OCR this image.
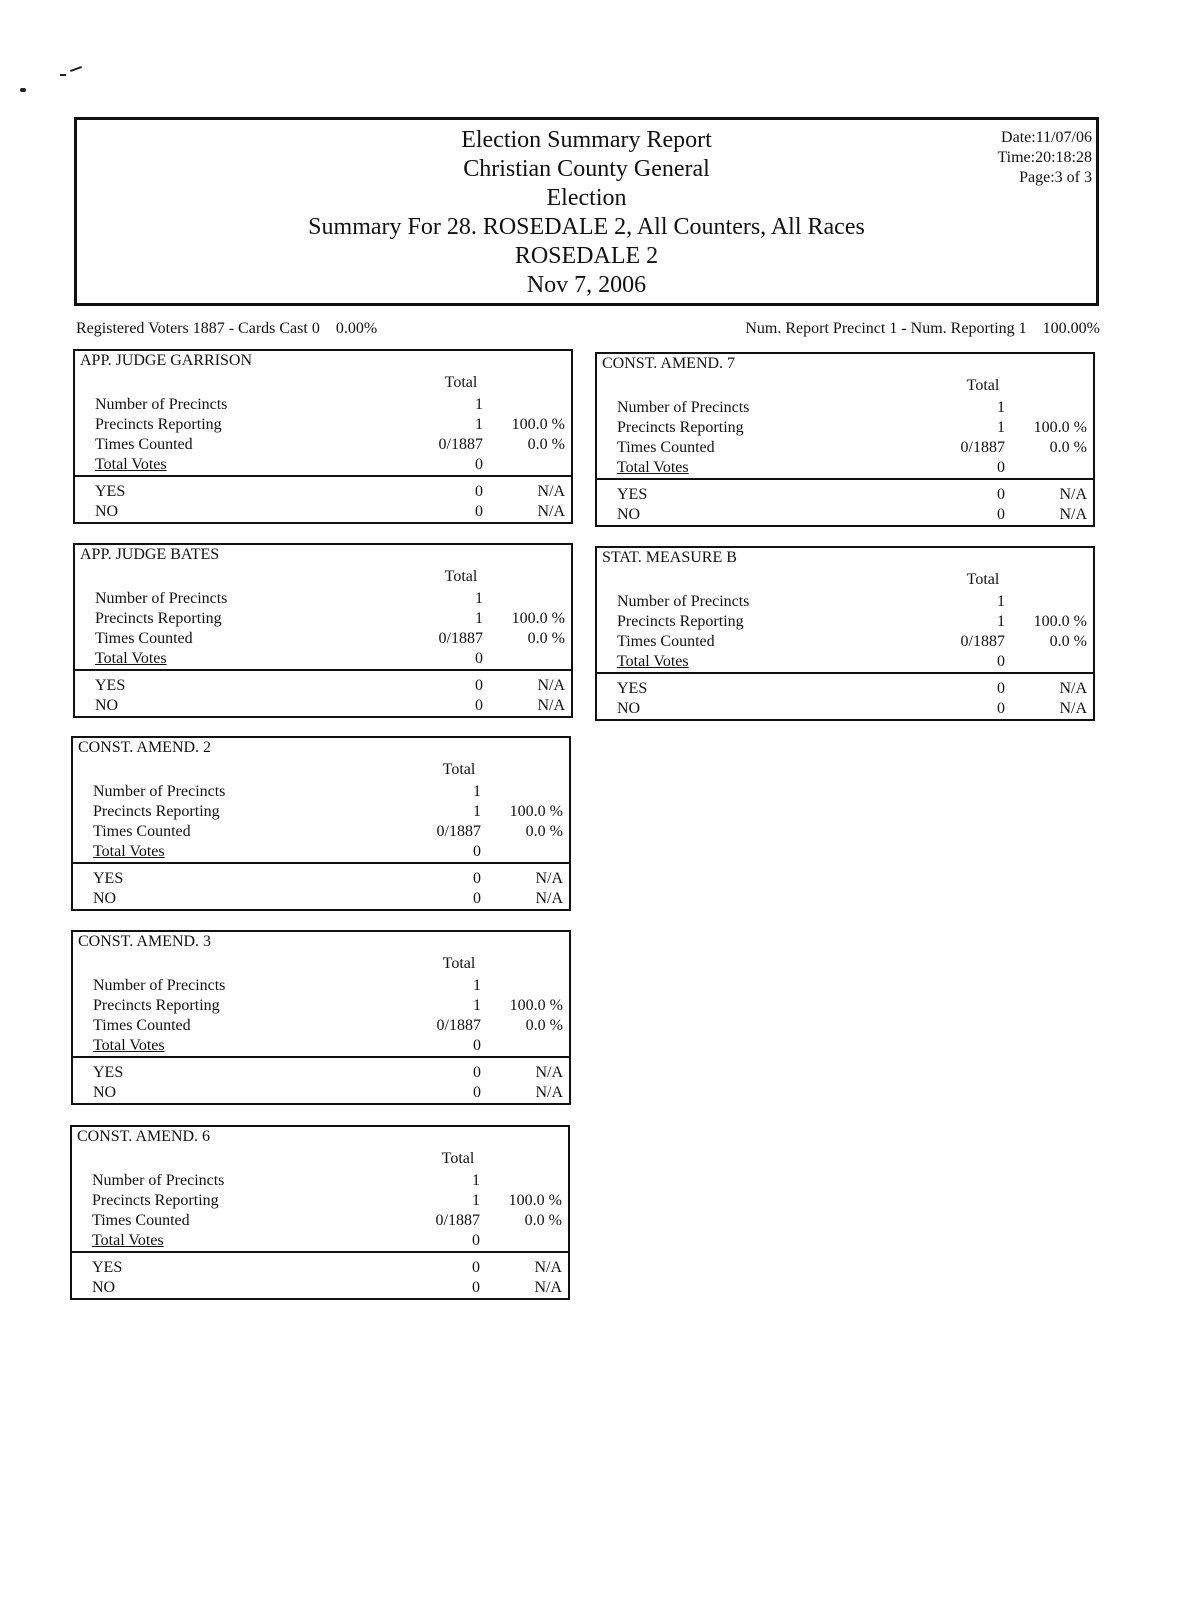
Election Summary Report
Christian County General
Election
Summary For 28. ROSEDALE 2, All Counters, All Races
ROSEDALE 2
Nov 7, 2006
Date:11/07/06
Time:20:18:28
Page:3 of 3
Registered Voters 1887 - Cards Cast 0 0.00%	Num. Report Precinct 1 - Num. Reporting 1 100.00%
APP. JUDGE GARRISON
Total
Number of Precincts	1
Precincts Reporting	1	100.0 %
Times Counted	0/1887	0.0 %
Total Votes	0
YES	0	N/A
NO	0	N/A
APP. JUDGE BATES
Total
Number of Precincts	1
Precincts Reporting	1	100.0 %
Times Counted	0/1887	0.0 %
Total Votes	0
YES	0	N/A
NO	0	N/A
CONST. AMEND. 2
Total
Number of Precincts	1
Precincts Reporting	1	100.0 %
Times Counted	0/1887	0.0 %
Total Votes	0
YES	0	N/A
NO	0	N/A
CONST. AMEND. 3
Total
Number of Precincts	1
Precincts Reporting	1	100.0 %
Times Counted	0/1887	0.0 %
Total Votes	0
YES	0	N/A
NO	0	N/A
CONST. AMEND. 6
Total
Number of Precincts	1
Precincts Reporting	1	100.0 %
Times Counted	0/1887	0.0 %
Total Votes	0
YES	0	N/A
NO	0	N/A
CONST. AMEND. 7
Total
Number of Precincts	1
Precincts Reporting	1	100.0 %
Times Counted	0/1887	0.0 %
Total Votes	0
YES	0	N/A
NO	0	N/A
STAT. MEASURE B
Total
Number of Precincts	1
Precincts Reporting	1	100.0 %
Times Counted	0/1887	0.0 %
Total Votes	0
YES	0	N/A
NO	0	N/A
